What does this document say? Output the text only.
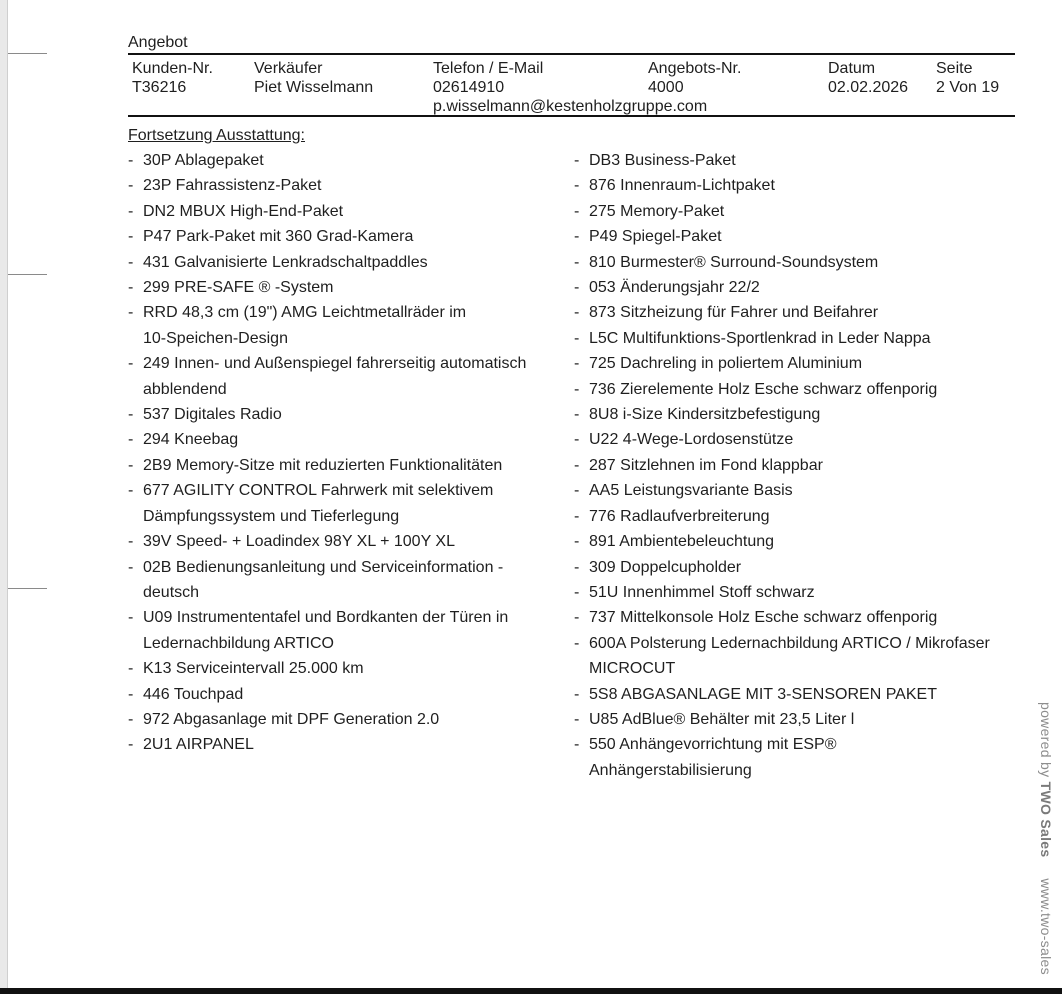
Angebot
Kunden-Nr.
T36216
Verkäufer
Piet Wisselmann
Telefon / E-Mail
02614910
p.wisselmann@kestenholzgruppe.com
Angebots-Nr.
4000
Datum
02.02.2026
Seite
2 Von 19
Fortsetzung Ausstattung:
- 30P Ablagepaket
- 23P Fahrassistenz-Paket
- DN2 MBUX High-End-Paket
- P47 Park-Paket mit 360 Grad-Kamera
- 431 Galvanisierte Lenkradschaltpaddles
- 299 PRE-SAFE ® -System
- RRD 48,3 cm (19") AMG Leichtmetallräder im
10-Speichen-Design
- 249 Innen- und Außenspiegel fahrerseitig automatisch
abblendend
- 537 Digitales Radio
- 294 Kneebag
- 2B9 Memory-Sitze mit reduzierten Funktionalitäten
- 677 AGILITY CONTROL Fahrwerk mit selektivem
Dämpfungssystem und Tieferlegung
- 39V Speed- + Loadindex 98Y XL + 100Y XL
- 02B Bedienungsanleitung und Serviceinformation -
deutsch
- U09 Instrumententafel und Bordkanten der Türen in
Ledernachbildung ARTICO
- K13 Serviceintervall 25.000 km
- 446 Touchpad
- 972 Abgasanlage mit DPF Generation 2.0
- 2U1 AIRPANEL
- DB3 Business-Paket
- 876 Innenraum-Lichtpaket
- 275 Memory-Paket
- P49 Spiegel-Paket
- 810 Burmester® Surround-Soundsystem
- 053 Änderungsjahr 22/2
- 873 Sitzheizung für Fahrer und Beifahrer
- L5C Multifunktions-Sportlenkrad in Leder Nappa
- 725 Dachreling in poliertem Aluminium
- 736 Zierelemente Holz Esche schwarz offenporig
- 8U8 i-Size Kindersitzbefestigung
- U22 4-Wege-Lordosenstütze
- 287 Sitzlehnen im Fond klappbar
- AA5 Leistungsvariante Basis
- 776 Radlaufverbreiterung
- 891 Ambientebeleuchtung
- 309 Doppelcupholder
- 51U Innenhimmel Stoff schwarz
- 737 Mittelkonsole Holz Esche schwarz offenporig
- 600A Polsterung Ledernachbildung ARTICO / Mikrofaser
MICROCUT
- 5S8 ABGASANLAGE MIT 3-SENSOREN PAKET
- U85 AdBlue® Behälter mit 23,5 Liter l
- 550 Anhängevorrichtung mit ESP®
Anhängerstabilisierung	powered by TWO Sales     www.two-sales
